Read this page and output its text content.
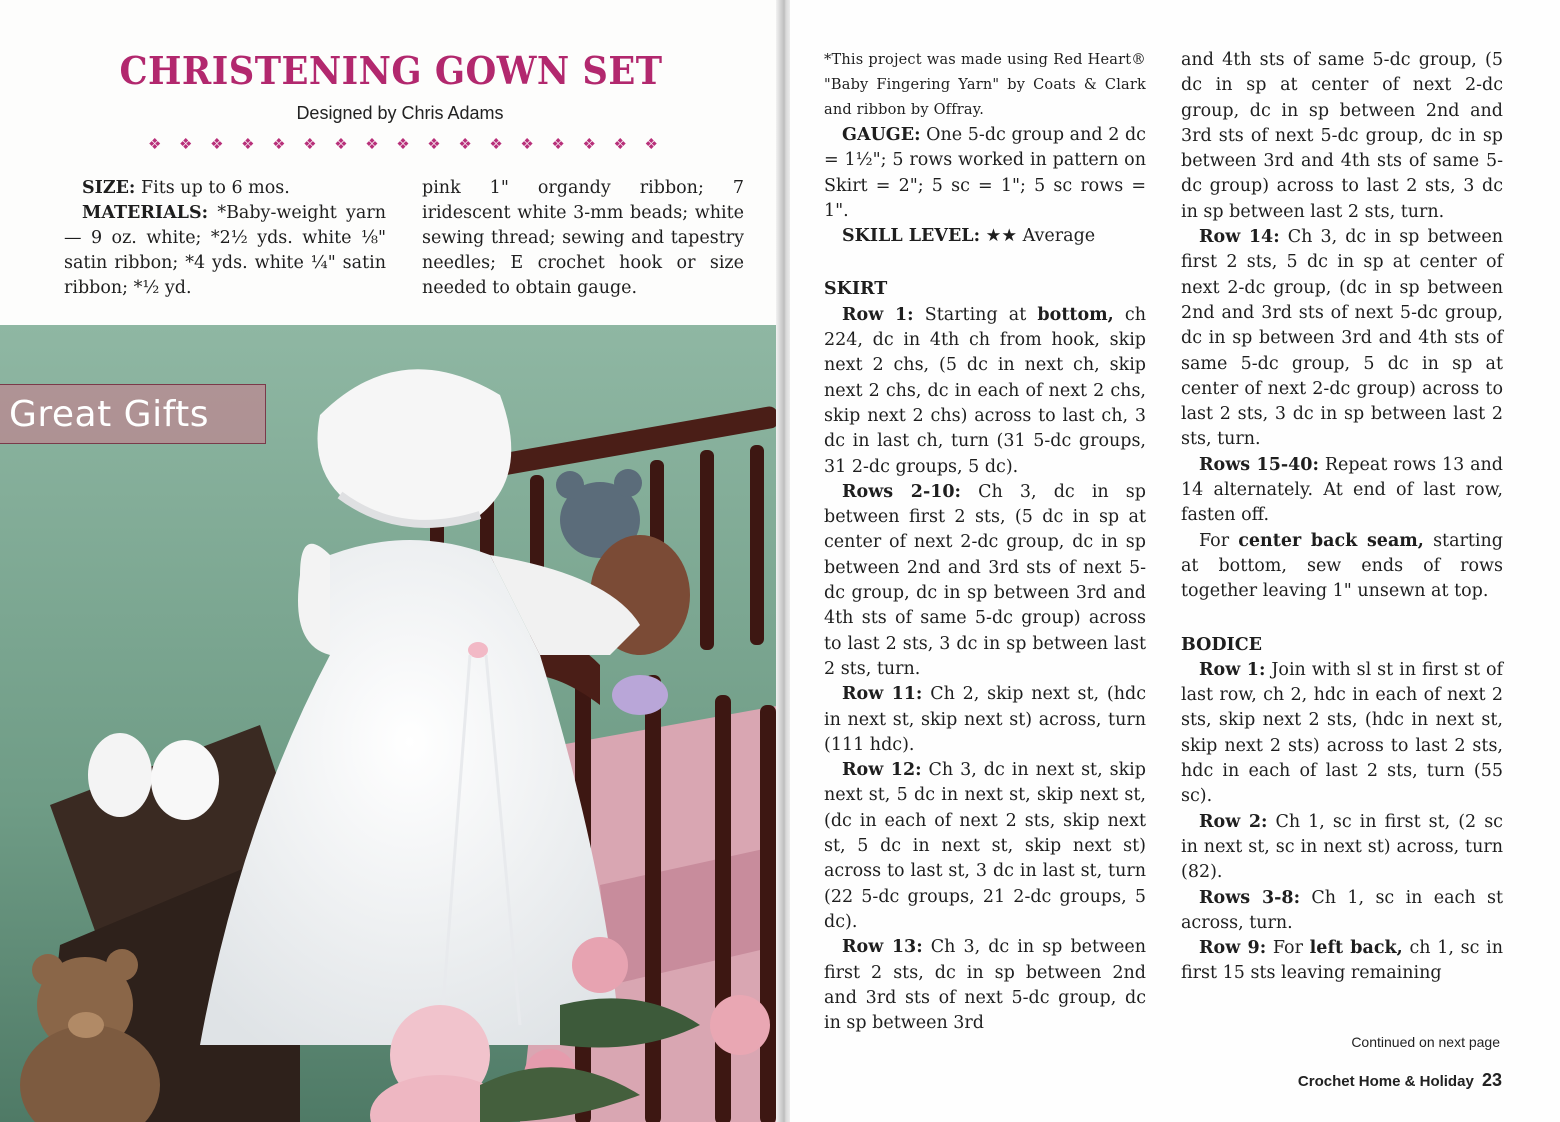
CHRISTENING GOWN SET
Designed by Chris Adams
❖ ❖ ❖ ❖ ❖ ❖ ❖ ❖ ❖ ❖ ❖ ❖ ❖ ❖ ❖ ❖ ❖

SIZE: Fits up to 6 mos.

MATERIALS: *Baby-weight yarn — 9 oz. white; *2½ yds. white ⅛" satin ribbon; *4 yds. white ¼" satin ribbon; *½ yd.

pink 1" organdy ribbon; 7 iridescent white 3-mm beads; white sewing thread; sewing and tapestry needles; E crochet hook or size needed to obtain gauge.

Great Gifts

*This project was made using Red Heart® "Baby Fingering Yarn" by Coats & Clark and ribbon by Offray.

GAUGE: One 5-dc group and 2 dc = 1½"; 5 rows worked in pattern on Skirt = 2"; 5 sc = 1"; 5 sc rows = 1".

SKILL LEVEL: ★★ Average

SKIRT

Row 1: Starting at bottom, ch 224, dc in 4th ch from hook, skip next 2 chs, (5 dc in next ch, skip next 2 chs, dc in each of next 2 chs, skip next 2 chs) across to last ch, 3 dc in last ch, turn (31 5-dc groups, 31 2-dc groups, 5 dc).

Rows 2-10: Ch 3, dc in sp between first 2 sts, (5 dc in sp at center of next 2-dc group, dc in sp between 2nd and 3rd sts of next 5-dc group, dc in sp between 3rd and 4th sts of same 5-dc group) across to last 2 sts, 3 dc in sp between last 2 sts, turn.

Row 11: Ch 2, skip next st, (hdc in next st, skip next st) across, turn (111 hdc).

Row 12: Ch 3, dc in next st, skip next st, 5 dc in next st, skip next st, (dc in each of next 2 sts, skip next st, 5 dc in next st, skip next st) across to last st, 3 dc in last st, turn (22 5-dc groups, 21 2-dc groups, 5 dc).

Row 13: Ch 3, dc in sp between first 2 sts, dc in sp between 2nd and 3rd sts of next 5-dc group, dc in sp between 3rd

and 4th sts of same 5-dc group, (5 dc in sp at center of next 2-dc group, dc in sp between 2nd and 3rd sts of next 5-dc group, dc in sp between 3rd and 4th sts of same 5-dc group) across to last 2 sts, 3 dc in sp between last 2 sts, turn.

Row 14: Ch 3, dc in sp between first 2 sts, 5 dc in sp at center of next 2-dc group, (dc in sp between 2nd and 3rd sts of next 5-dc group, dc in sp between 3rd and 4th sts of same 5-dc group, 5 dc in sp at center of next 2-dc group) across to last 2 sts, 3 dc in sp between last 2 sts, turn.

Rows 15-40: Repeat rows 13 and 14 alternately. At end of last row, fasten off.

For center back seam, starting at bottom, sew ends of rows together leaving 1" unsewn at top.

BODICE

Row 1: Join with sl st in first st of last row, ch 2, hdc in each of next 2 sts, skip next 2 sts, (hdc in next st, skip next 2 sts) across to last 2 sts, hdc in each of last 2 sts, turn (55 sc).

Row 2: Ch 1, sc in first st, (2 sc in next st, sc in next st) across, turn (82).

Rows 3-8: Ch 1, sc in each st across, turn.

Row 9: For left back, ch 1, sc in first 15 sts leaving remaining

Continued on next page
Crochet Home & Holiday 23
